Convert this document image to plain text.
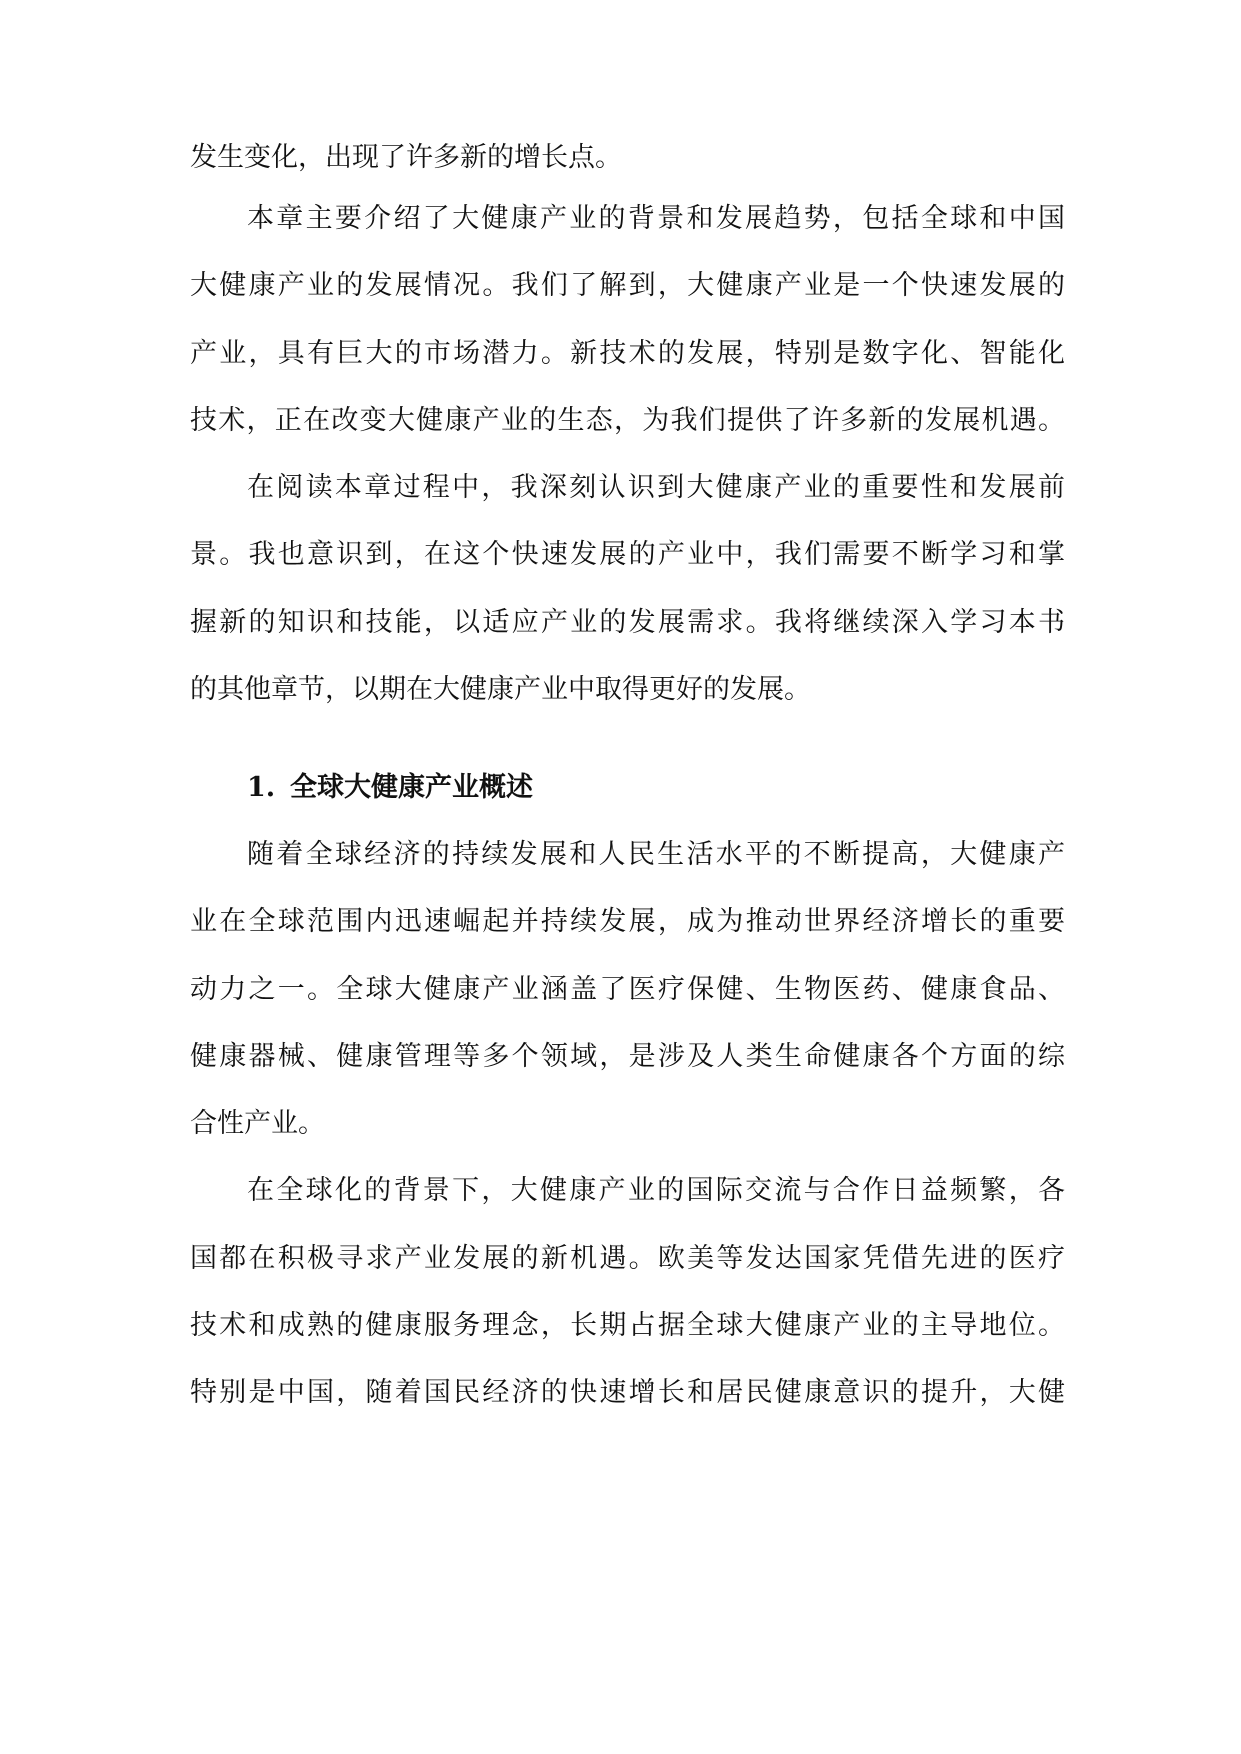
发生变化，出现了许多新的增长点。
本章主要介绍了大健康产业的背景和发展趋势，包括全球和中国
大健康产业的发展情况。我们了解到，大健康产业是一个快速发展的
产业，具有巨大的市场潜力。新技术的发展，特别是数字化、智能化
技术，正在改变大健康产业的生态，为我们提供了许多新的发展机遇。
在阅读本章过程中，我深刻认识到大健康产业的重要性和发展前
景。我也意识到，在这个快速发展的产业中，我们需要不断学习和掌
握新的知识和技能，以适应产业的发展需求。我将继续深入学习本书
的其他章节，以期在大健康产业中取得更好的发展。
1. 全球大健康产业概述
随着全球经济的持续发展和人民生活水平的不断提高，大健康产
业在全球范围内迅速崛起并持续发展，成为推动世界经济增长的重要
动力之一。全球大健康产业涵盖了医疗保健、生物医药、健康食品、
健康器械、健康管理等多个领域，是涉及人类生命健康各个方面的综
合性产业。
在全球化的背景下，大健康产业的国际交流与合作日益频繁，各
国都在积极寻求产业发展的新机遇。欧美等发达国家凭借先进的医疗
技术和成熟的健康服务理念，长期占据全球大健康产业的主导地位。
特别是中国，随着国民经济的快速增长和居民健康意识的提升，大健
